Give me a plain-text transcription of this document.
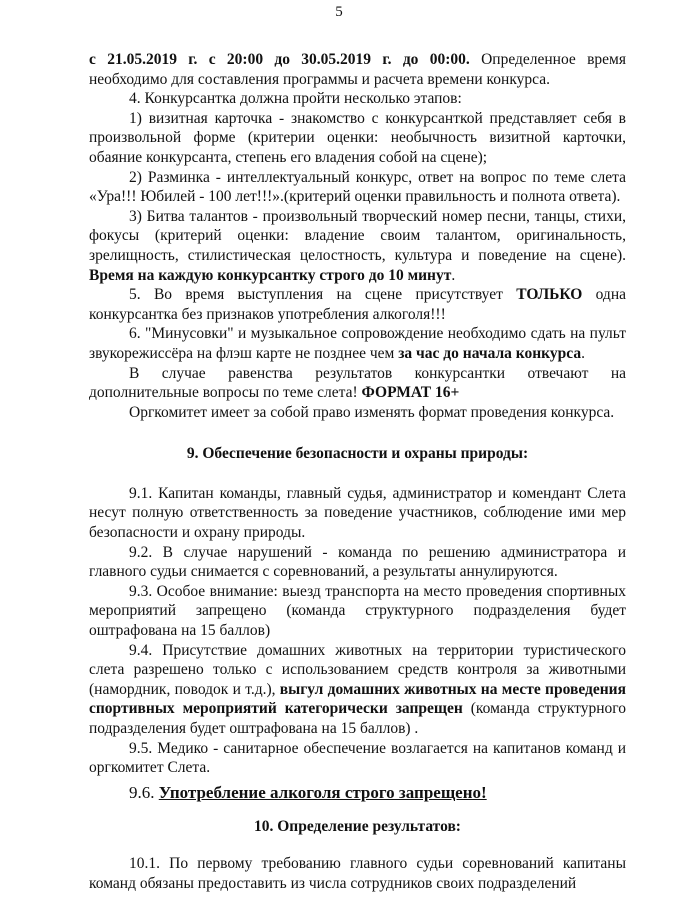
5

с 21.05.2019 г. с 20:00 до 30.05.2019 г. до 00:00. Определенное время необходимо для составления программы и расчета времени конкурса.

4. Конкурсантка должна пройти несколько этапов:

1) визитная карточка - знакомство с конкурсанткой представляет себя в произвольной форме (критерии оценки: необычность визитной карточки, обаяние конкурсанта, степень его владения собой на сцене);

2) Разминка - интеллектуальный конкурс, ответ на вопрос по теме слета «Ура!!! Юбилей - 100 лет!!!».(критерий оценки правильность и полнота ответа).

3) Битва талантов - произвольный творческий номер песни, танцы, стихи, фокусы (критерий оценки: владение своим талантом, оригинальность, зрелищность, стилистическая целостность, культура и поведение на сцене). Время на каждую конкурсантку строго до 10 минут.

5. Во время выступления на сцене присутствует ТОЛЬКО одна конкурсантка без признаков употребления алкоголя!!!

6. "Минусовки" и музыкальное сопровождение необходимо сдать на пульт звукорежиссёра на флэш карте не позднее чем за час до начала конкурса.

В случае равенства результатов конкурсантки отвечают на дополнительные вопросы по теме слета! ФОРМАТ 16+

Оргкомитет имеет за собой право изменять формат проведения конкурса.

9. Обеспечение безопасности и охраны природы:

9.1. Капитан команды, главный судья, администратор и комендант Слета несут полную ответственность за поведение участников, соблюдение ими мер безопасности и охрану природы.

9.2. В случае нарушений - команда по решению администратора и главного судьи снимается с соревнований, а результаты аннулируются.

9.3. Особое внимание: выезд транспорта на место проведения спортивных мероприятий запрещено (команда структурного подразделения будет оштрафована на 15 баллов)

9.4. Присутствие домашних животных на территории туристического слета разрешено только с использованием средств контроля за животными (намордник, поводок и т.д.), выгул домашних животных на месте проведения спортивных мероприятий категорически запрещен (команда структурного подразделения будет оштрафована на 15 баллов) .

9.5. Медико - санитарное обеспечение возлагается на капитанов команд и оргкомитет Слета.

9.6. Употребление алкоголя строго запрещено!

10. Определение результатов:

10.1. По первому требованию главного судьи соревнований капитаны команд обязаны предоставить из числа сотрудников своих подразделений
